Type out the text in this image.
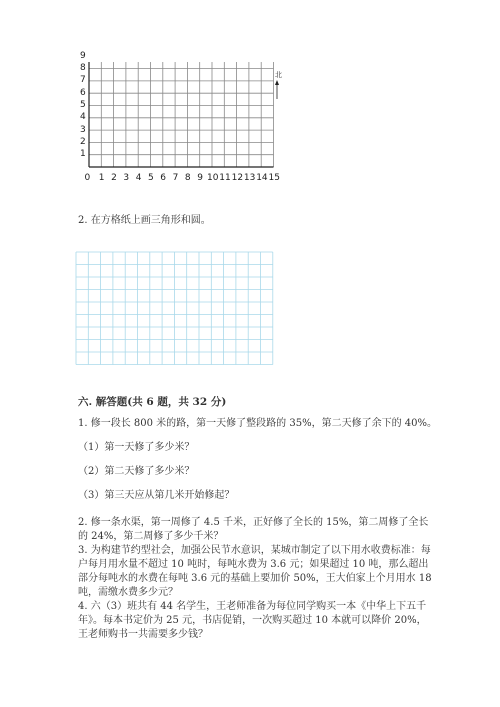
9
8
7
6
5
4
3
2
1
0 1 2 3 4 5 6 7 8 9 10 11 12 13 14 15
北
2. 在方格纸上画三角形和圆。
六. 解答题(共 6 题，共 32 分)
1. 修一段长 800 米的路，第一天修了整段路的 35%，第二天修了余下的 40%。
（1）第一天修了多少米？
（2）第二天修了多少米？
（3）第三天应从第几米开始修起？
2. 修一条水渠，第一周修了 4.5 千米，正好修了全长的 15%，第二周修了全长
的 24%，第二周修了多少千米？
3. 为构建节约型社会，加强公民节水意识，某城市制定了以下用水收费标准：每
户每月用水量不超过 10 吨时，每吨水费为 3.6 元；如果超过 10 吨，那么超出
部分每吨水的水费在每吨 3.6 元的基础上要加价 50%，王大伯家上个月用水 18
吨，需缴水费多少元？
4. 六（3）班共有 44 名学生，王老师准备为每位同学购买一本《中华上下五千
年》。每本书定价为 25 元，书店促销，一次购买超过 10 本就可以降价 20%，
王老师购书一共需要多少钱？
